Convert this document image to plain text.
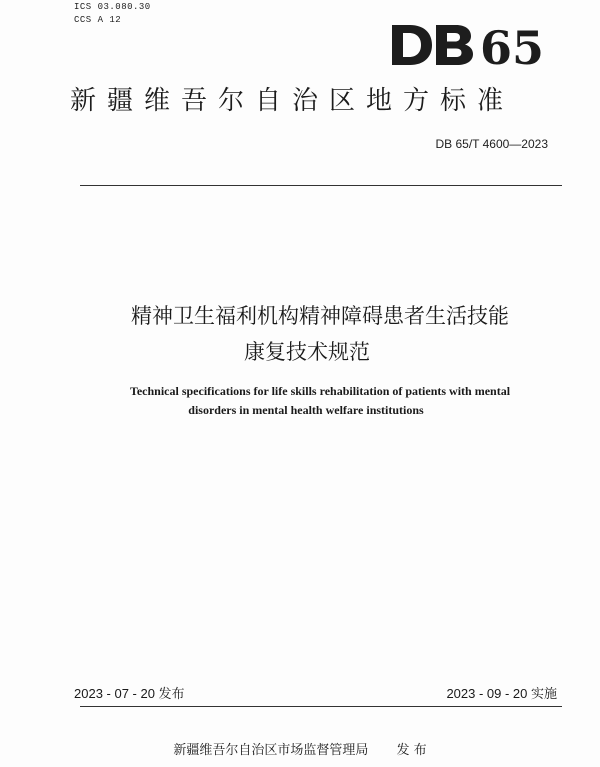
ICS 03.080.30
CCS A 12
65
新疆维吾尔自治区地方标准
DB 65/T 4600—2023
精神卫生福利机构精神障碍患者生活技能
康复技术规范
Technical specifications for life skills rehabilitation of patients with mental
disorders in mental health welfare institutions
2023 - 07 - 20 发布	2023 - 09 - 20 实施
新疆维吾尔自治区市场监督管理局 发 布
